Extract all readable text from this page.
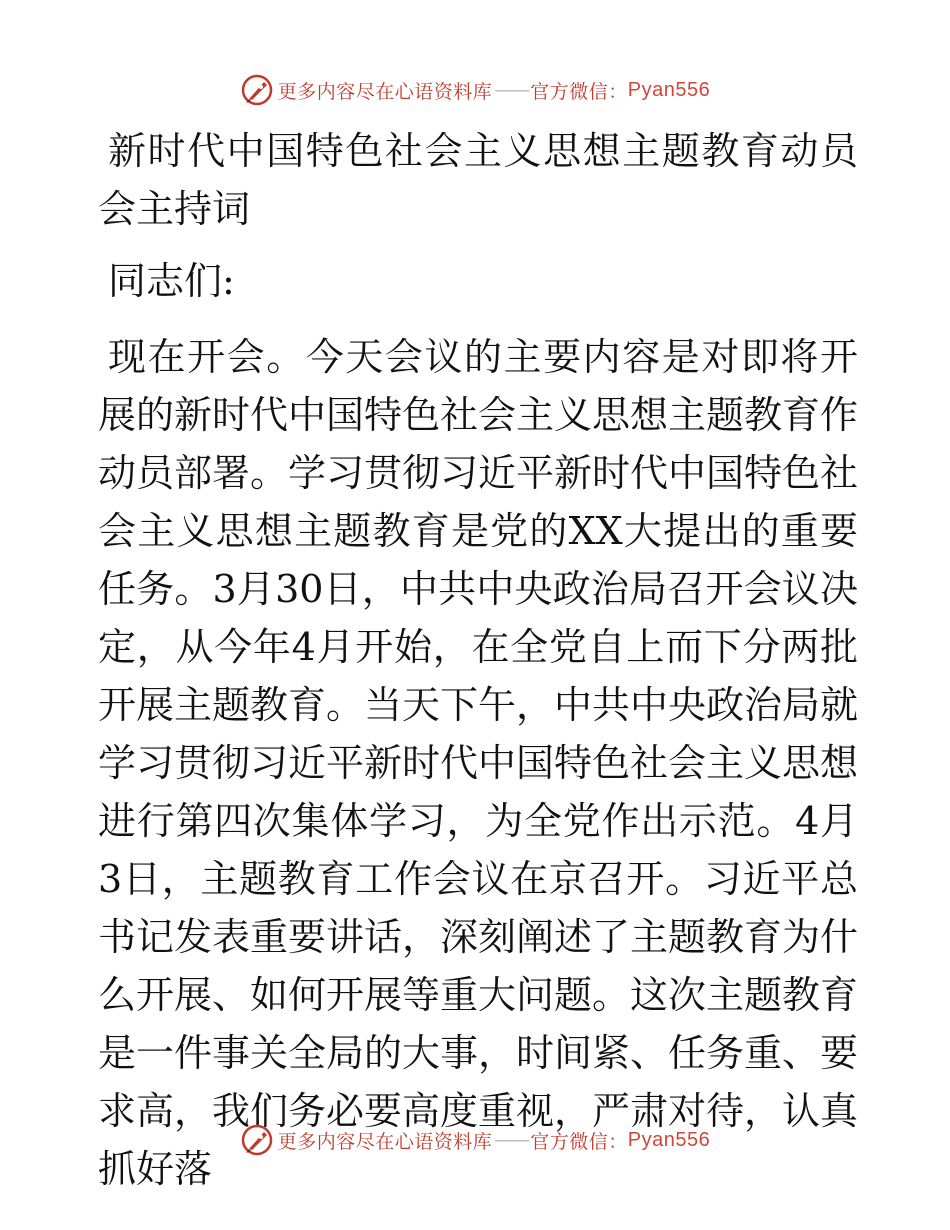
更多内容尽在心语资料库 —— 官方微信： Pyan556

新时代中国特色社会主义思想主题教育动员会主持词

同志们:

现在开会。今天会议的主要内容是对即将开展的新时代中国特色社会主义思想主题教育作动员部署。学习贯彻习近平新时代中国特色社会主义思想主题教育是党的XX大提出的重要任务。3月30日，中共中央政治局召开会议决定，从今年4月开始，在全党自上而下分两批开展主题教育。当天下午，中共中央政治局就学习贯彻习近平新时代中国特色社会主义思想进行第四次集体学习，为全党作出示范。4月3日，主题教育工作会议在京召开。习近平总书记发表重要讲话，深刻阐述了主题教育为什么开展、如何开展等重大问题。这次主题教育是一件事关全局的大事，时间紧、任务重、要求高，我们务必要高度重视，严肃对待，认真抓好落

更多内容尽在心语资料库 —— 官方微信： Pyan556
